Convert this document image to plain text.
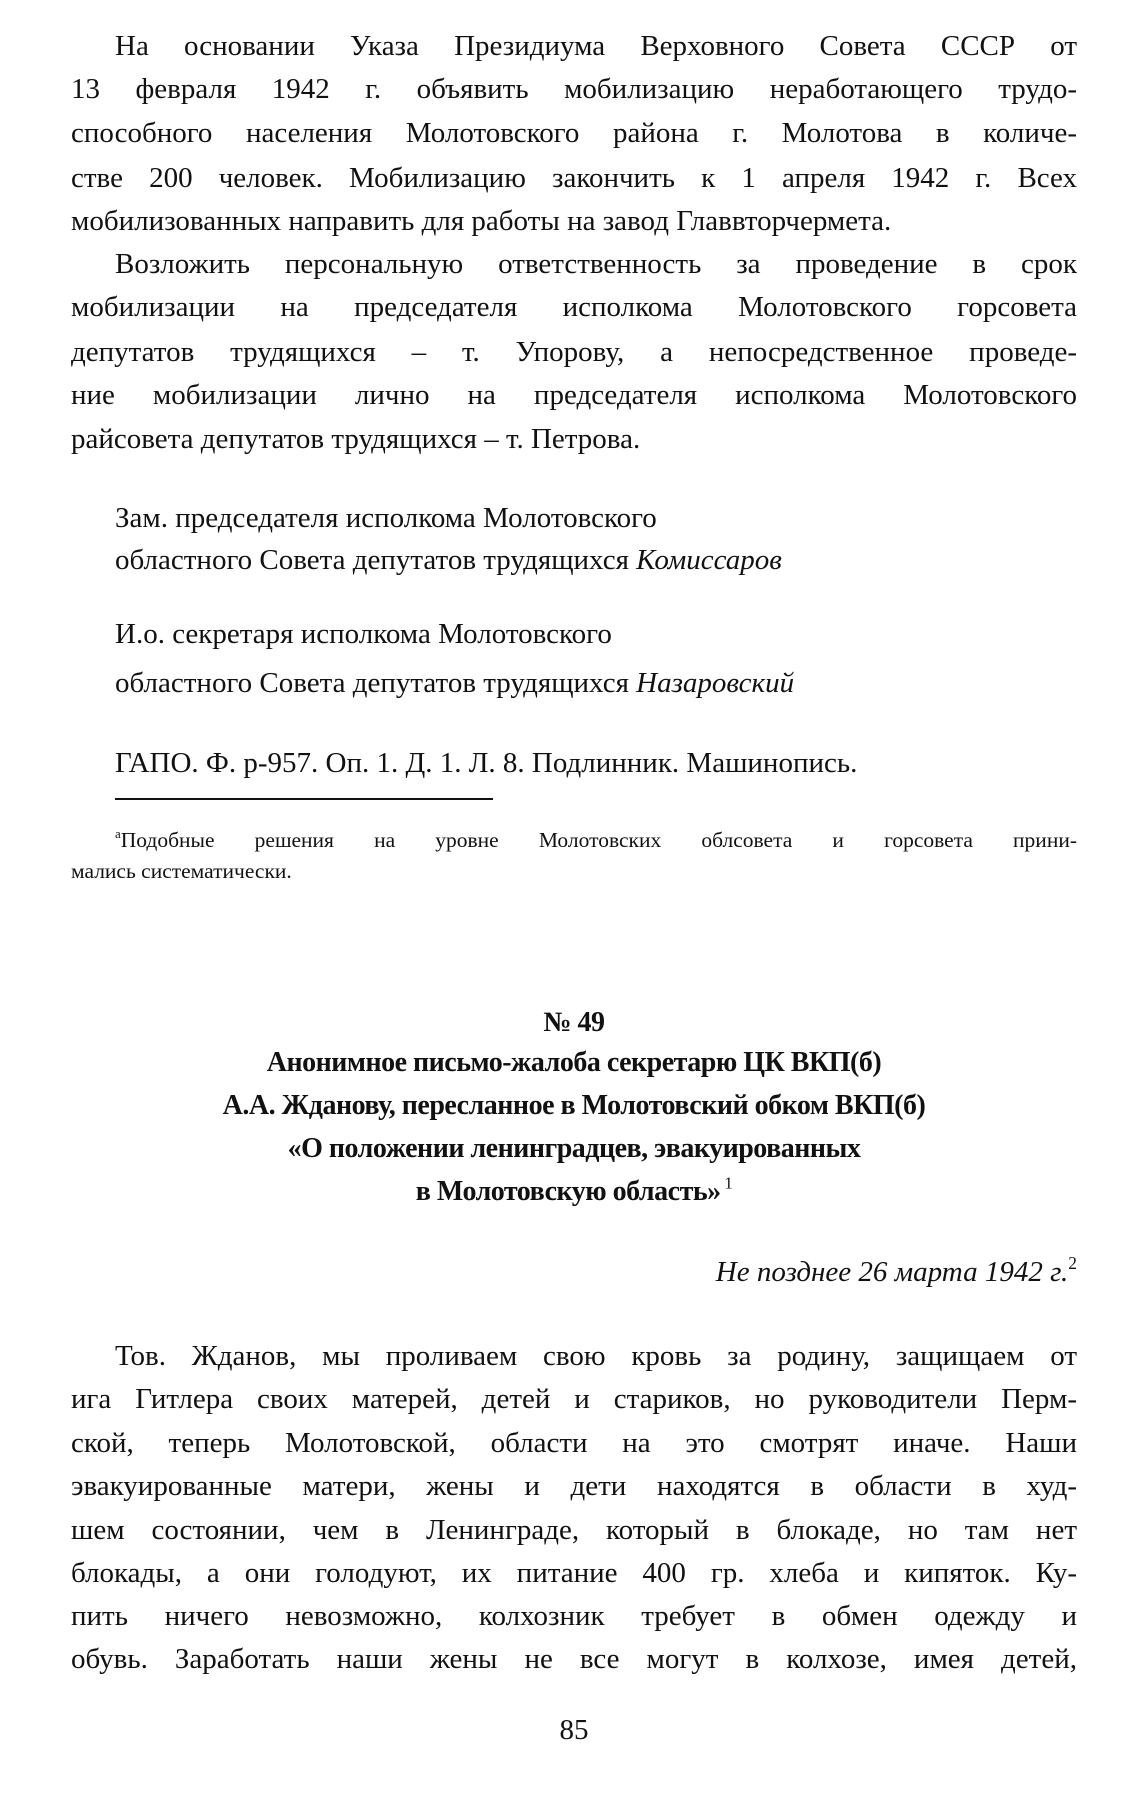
На основании Указа Президиума Верховного Совета СССР от
13 февраля 1942 г. объявить мобилизацию неработающего трудо-
способного населения Молотовского района г. Молотова в количе-
стве 200 человек. Мобилизацию закончить к 1 апреля 1942 г. Всех
мобилизованных направить для работы на завод Главвторчермета.
Возложить персональную ответственность за проведение в срок
мобилизации на председателя исполкома Молотовского горсовета
депутатов трудящихся – т. Упорову, а непосредственное проведе-
ние мобилизации лично на председателя исполкома Молотовского
райсовета депутатов трудящихся – т. Петрова.
Зам. председателя исполкома Молотовского
областного Совета депутатов трудящихся Комиссаров
И.о. секретаря исполкома Молотовского
областного Совета депутатов трудящихся Назаровский
ГАПО. Ф. р-957. Оп. 1. Д. 1. Л. 8. Подлинник. Машинопись.
$^а$Подобные решения на уровне Молотовских облсовета и горсовета прини-
мались систематически.
№ 49
Анонимное письмо-жалоба секретарю ЦК ВКП(б)
А.А. Жданову, пересланное в Молотовский обком ВКП(б)
«О положении ленинградцев, эвакуированных
в Молотовскую область» $^1$
Не позднее 26 марта 1942 г.$^2$
Тов. Жданов, мы проливаем свою кровь за родину, защищаем от
ига Гитлера своих матерей, детей и стариков, но руководители Перм-
ской, теперь Молотовской, области на это смотрят иначе. Наши
эвакуированные матери, жены и дети находятся в области в худ-
шем состоянии, чем в Ленинграде, который в блокаде, но там нет
блокады, а они голодуют, их питание 400 гр. хлеба и кипяток. Ку-
пить ничего невозможно, колхозник требует в обмен одежду и
обувь. Заработать наши жены не все могут в колхозе, имея детей,
85
